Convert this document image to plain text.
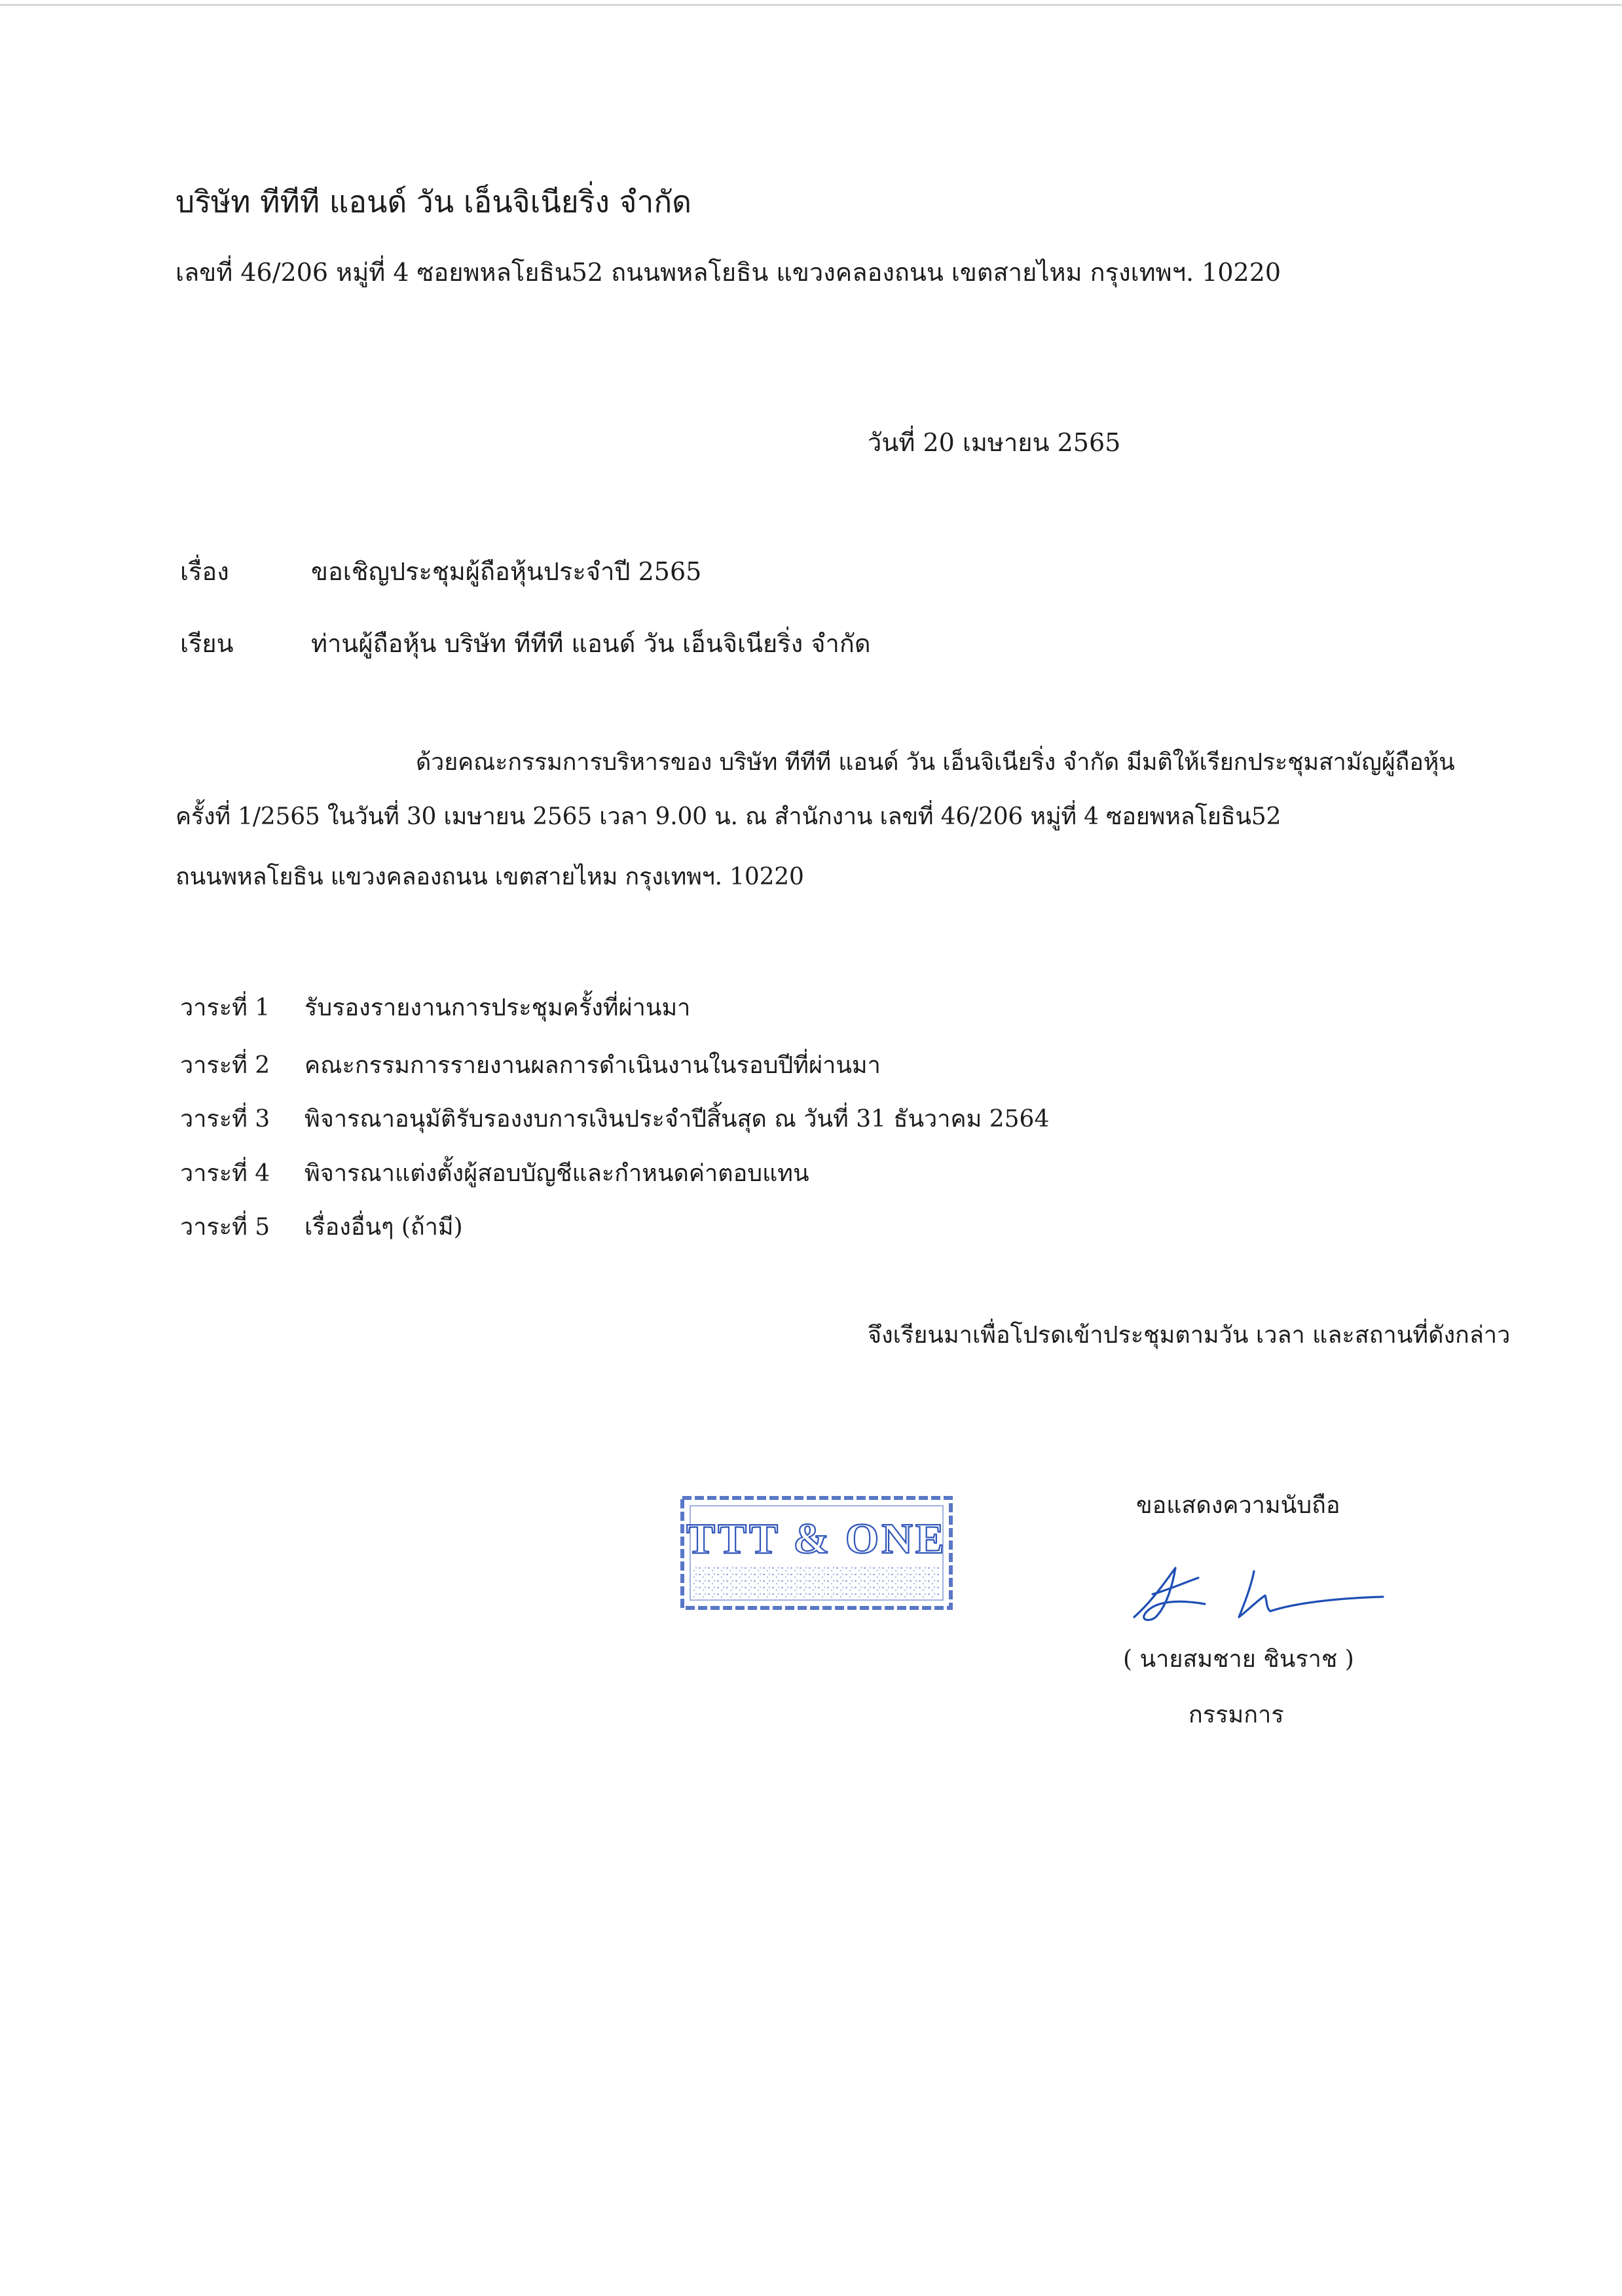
บริษัท ทีทีที แอนด์ วัน เอ็นจิเนียริ่ง จำกัด
เลขที่ 46/206 หมู่ที่ 4 ซอยพหลโยธิน52 ถนนพหลโยธิน แขวงคลองถนน เขตสายไหม กรุงเทพฯ. 10220
วันที่ 20 เมษายน 2565
เรื่อง	ขอเชิญประชุมผู้ถือหุ้นประจำปี 2565
เรียน	ท่านผู้ถือหุ้น บริษัท ทีทีที แอนด์ วัน เอ็นจิเนียริ่ง จำกัด
ด้วยคณะกรรมการบริหารของ บริษัท ทีทีที แอนด์ วัน เอ็นจิเนียริ่ง จำกัด มีมติให้เรียกประชุมสามัญผู้ถือหุ้น
ครั้งที่ 1/2565 ในวันที่ 30 เมษายน 2565 เวลา 9.00 น. ณ สำนักงาน เลขที่ 46/206 หมู่ที่ 4 ซอยพหลโยธิน52
ถนนพหลโยธิน แขวงคลองถนน เขตสายไหม กรุงเทพฯ. 10220
วาระที่ 1 รับรองรายงานการประชุมครั้งที่ผ่านมา
วาระที่ 2 คณะกรรมการรายงานผลการดำเนินงานในรอบปีที่ผ่านมา
วาระที่ 3 พิจารณาอนุมัติรับรองงบการเงินประจำปีสิ้นสุด ณ วันที่ 31 ธันวาคม 2564
วาระที่ 4 พิจารณาแต่งตั้งผู้สอบบัญชีและกำหนดค่าตอบแทน
วาระที่ 5 เรื่องอื่นๆ (ถ้ามี)
จึงเรียนมาเพื่อโปรดเข้าประชุมตามวัน เวลา และสถานที่ดังกล่าว
ขอแสดงความนับถือ
TTT & ONE
( นายสมชาย ชินราช )
กรรมการ
